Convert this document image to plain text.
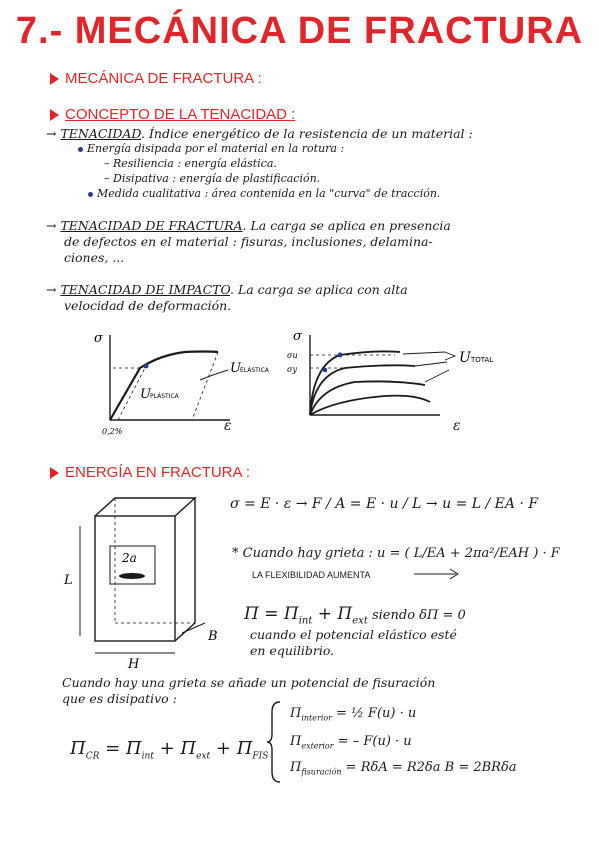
7.- MECÁNICA DE FRACTURA
MECÁNICA DE FRACTURA :
CONCEPTO DE LA TENACIDAD :
→ TENACIDAD. Índice energético de la resistencia de un material :
Energía disipada por el material en la rotura :
– Resiliencia : energía elástica.
– Disipativa : energía de plastificación.
Medida cualitativa : área contenida en la "curva" de tracción.
→ TENACIDAD DE FRACTURA. La carga se aplica en presencia
de defectos en el material : fisuras, inclusiones, delamina-
ciones, ...
→ TENACIDAD DE IMPACTO. La carga se aplica con alta
velocidad de deformación.
σ
0,2%
U PLÁSTICA
U ELÁSTICA
ε
σ
σu
σy
U TOTAL
ε
ENERGÍA EN FRACTURA :
L
H
B
2a
σ = E · ε → F / A = E · u / L → u = L / EA · F
* Cuando hay grieta : u = ( L/EA + 2πa²/EAH ) · F
LA FLEXIBILIDAD AUMENTA
$\Pi = \Pi_{int} + \Pi_{ext}$ siendo δΠ = 0
cuando el potencial elástico esté
en equilibrio.
Cuando hay una grieta se añade un potencial de fisuración
que es disipativo :
$\Pi_{CR} = \Pi_{int} + \Pi_{ext} + \Pi_{FIS}$
$\Pi_{interior}$ = ½ F(u) · u
$\Pi_{exterior}$ = – F(u) · u
$\Pi_{fisuración} = R\delta A = R2\delta a$ B = 2BRδa
